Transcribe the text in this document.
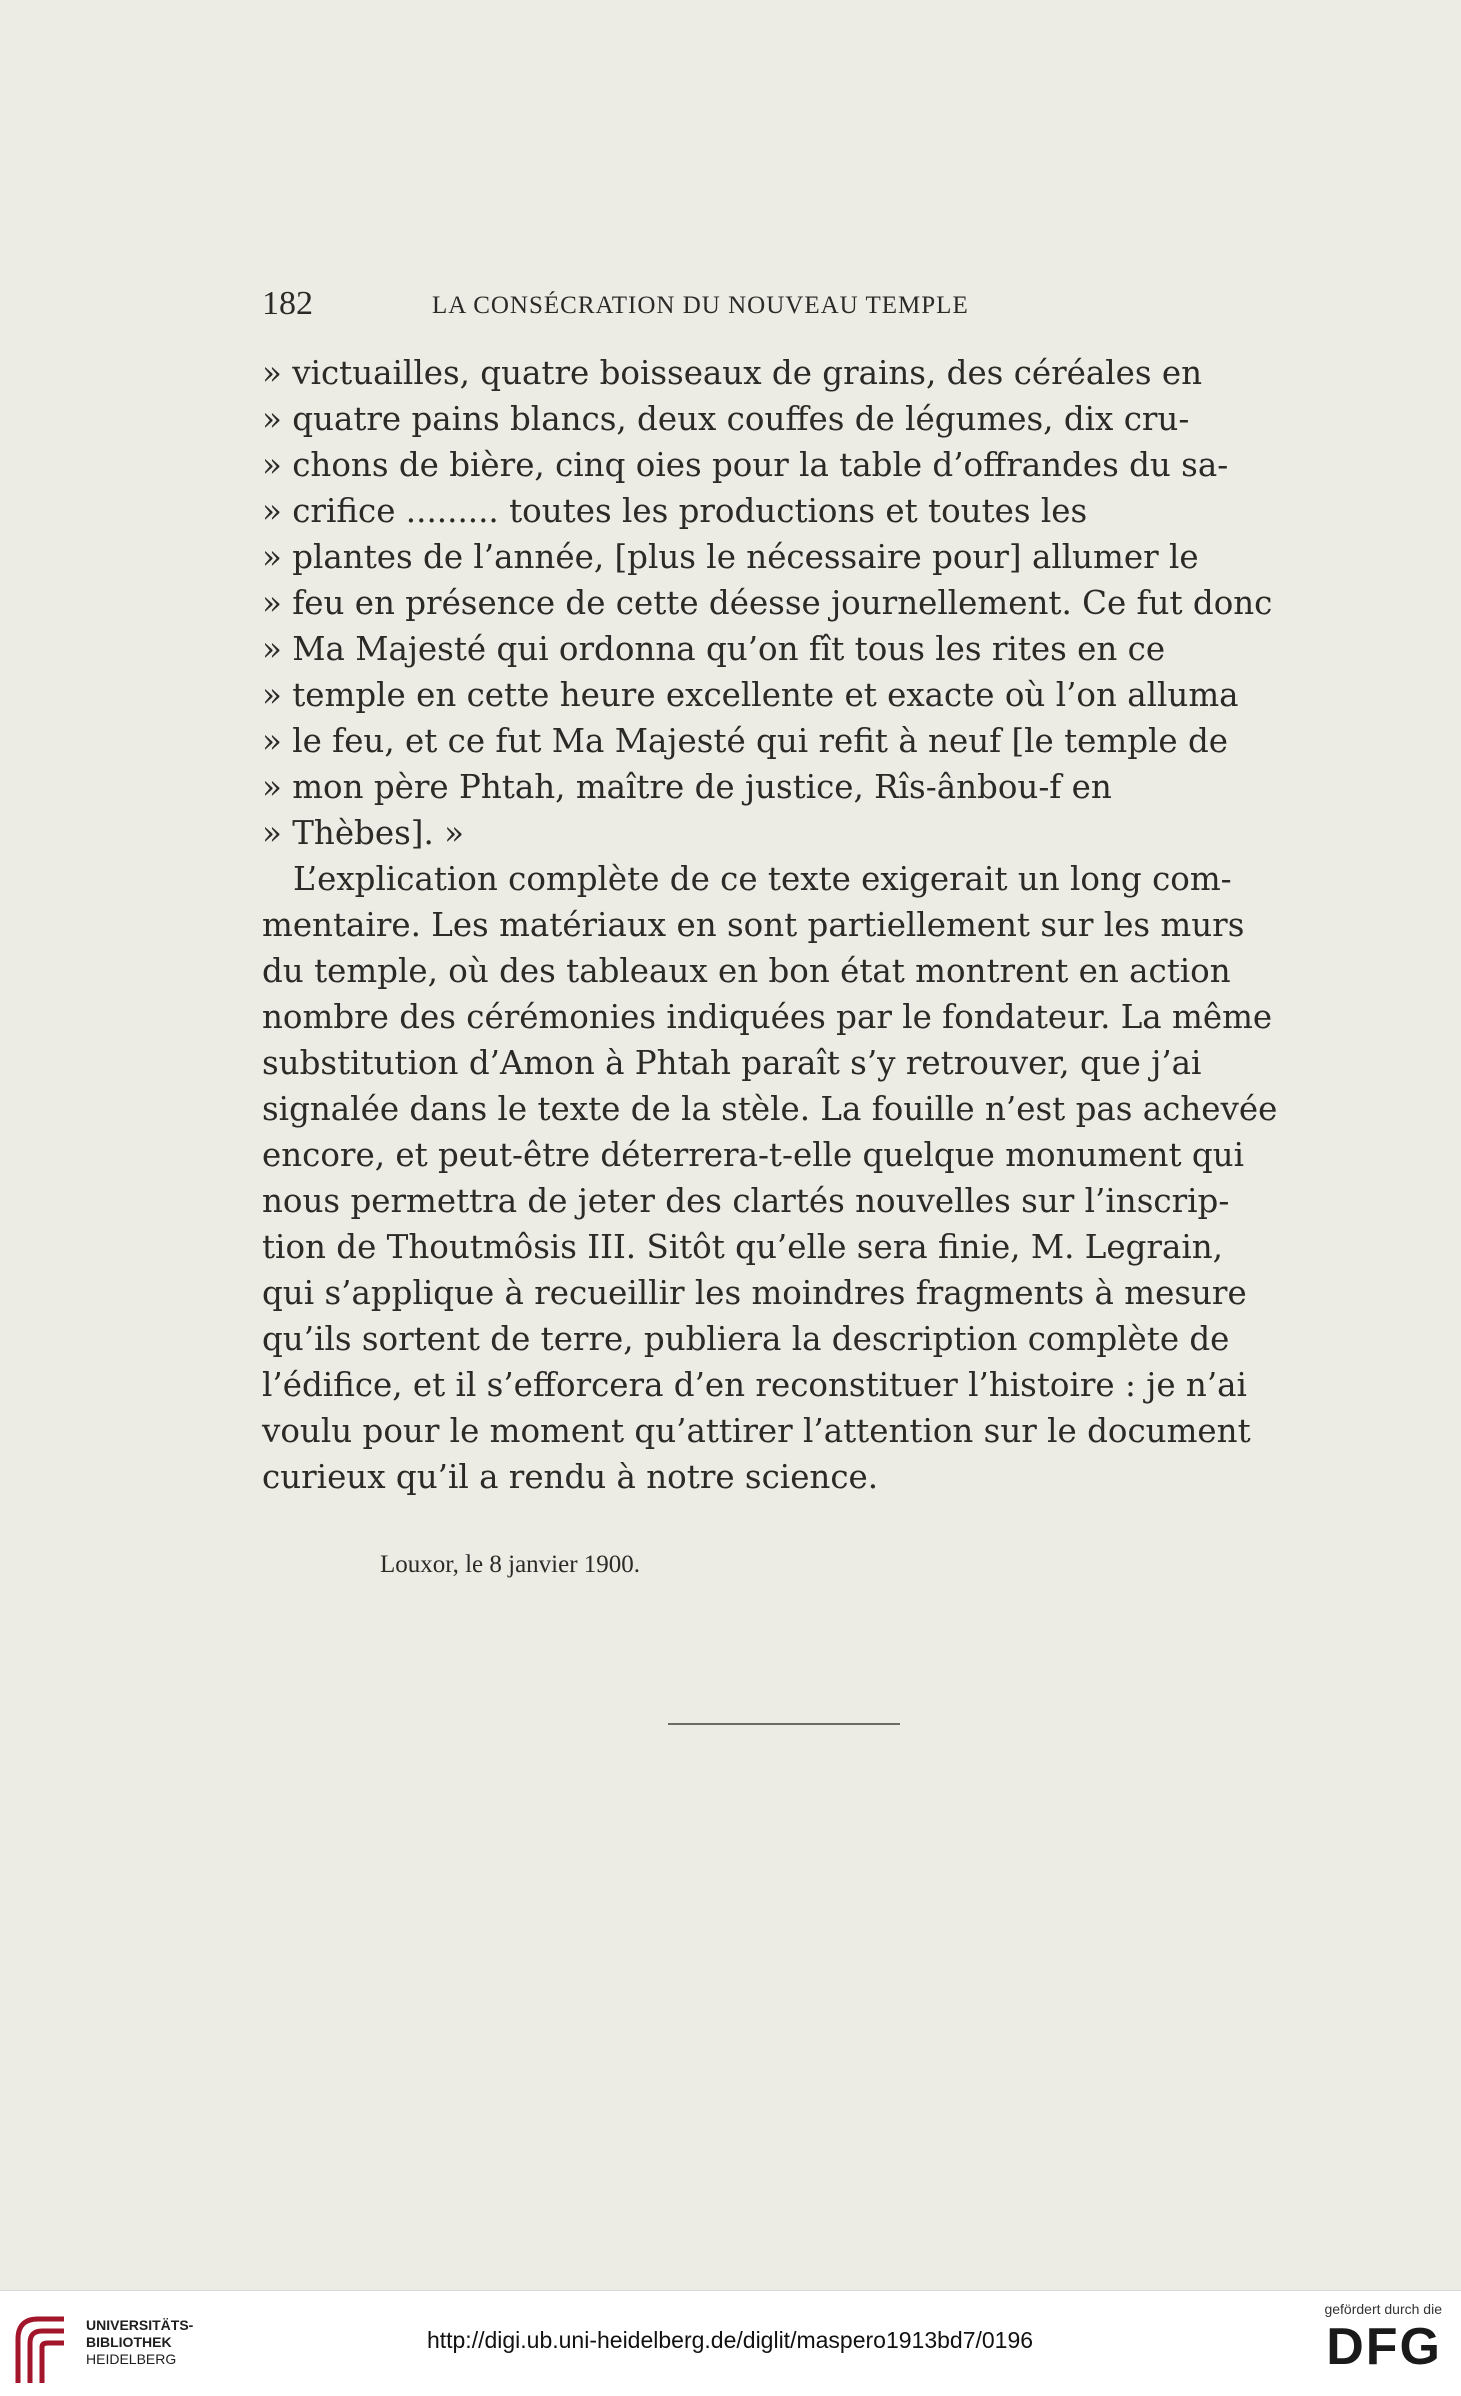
182	LA CONSÉCRATION DU NOUVEAU TEMPLE
» victuailles, quatre boisseaux de grains, des céréales en
» quatre pains blancs, deux couffes de légumes, dix cru-
» chons de bière, cinq oies pour la table d’offrandes du sa-
» crifice ......... toutes les productions et toutes les
» plantes de l’année, [plus le nécessaire pour] allumer le
» feu en présence de cette déesse journellement. Ce fut donc
» Ma Majesté qui ordonna qu’on fît tous les rites en ce
» temple en cette heure excellente et exacte où l’on alluma
» le feu, et ce fut Ma Majesté qui refit à neuf [le temple de
» mon père Phtah, maître de justice, Rîs-ânbou-f en
» Thèbes]. »
L’explication complète de ce texte exigerait un long com-
mentaire. Les matériaux en sont partiellement sur les murs
du temple, où des tableaux en bon état montrent en action
nombre des cérémonies indiquées par le fondateur. La même
substitution d’Amon à Phtah paraît s’y retrouver, que j’ai
signalée dans le texte de la stèle. La fouille n’est pas achevée
encore, et peut-être déterrera-t-elle quelque monument qui
nous permettra de jeter des clartés nouvelles sur l’inscrip-
tion de Thoutmôsis III. Sitôt qu’elle sera finie, M. Legrain,
qui s’applique à recueillir les moindres fragments à mesure
qu’ils sortent de terre, publiera la description complète de
l’édifice, et il s’efforcera d’en reconstituer l’histoire : je n’ai
voulu pour le moment qu’attirer l’attention sur le document
curieux qu’il a rendu à notre science.
Louxor, le 8 janvier 1900.
UNIVERSITÄTS-
BIBLIOTHEK
HEIDELBERG
http://digi.ub.uni-heidelberg.de/diglit/maspero1913bd7/0196
gefördert durch die
DFG
